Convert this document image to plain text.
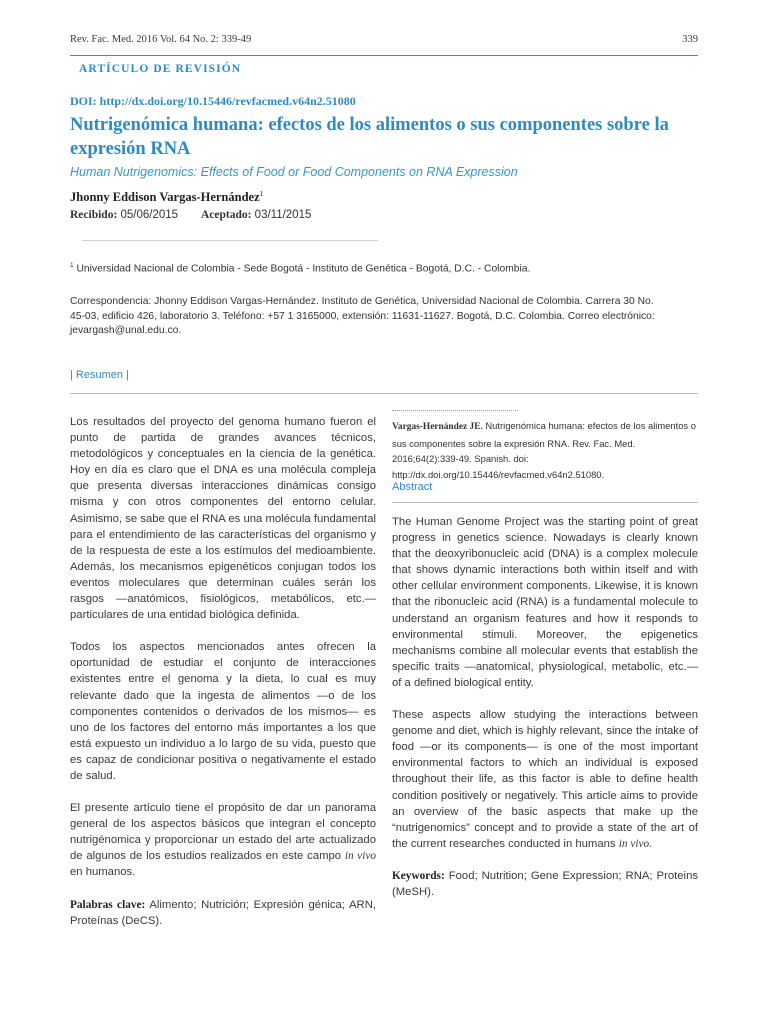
Rev. Fac. Med. 2016 Vol. 64 No. 2: 339-49	339
ARTÍCULO DE REVISIÓN
DOI: http://dx.doi.org/10.15446/revfacmed.v64n2.51080
Nutrigenómica humana: efectos de los alimentos o sus componentes sobre la expresión RNA
Human Nutrigenomics: Effects of Food or Food Components on RNA Expression
Jhonny Eddison Vargas-Hernández$^1$
Recibido: 05/06/2015 Aceptado: 03/11/2015
$^1$ Universidad Nacional de Colombia - Sede Bogotá - Instituto de Genética - Bogotá, D.C. - Colombia.
Correspondencia: Jhonny Eddison Vargas-Hernández. Instituto de Genética, Universidad Nacional de Colombia. Carrera 30 No. 45-03, edificio 426, laboratorio 3. Teléfono: +57 1 3165000, extensión: 11631-11627. Bogotá, D.C. Colombia. Correo electrónico: jevargash@unal.edu.co.
| Resumen |

Los resultados del proyecto del genoma humano fueron el punto de partida de grandes avances técnicos, metodológicos y conceptuales en la ciencia de la genética. Hoy en día es claro que el DNA es una molécula compleja que presenta diversas interacciones dinámicas consigo misma y con otros componentes del entorno celular. Asimismo, se sabe que el RNA es una molécula fundamental para el entendimiento de las características del organismo y de la respuesta de este a los estímulos del medioambiente. Además, los mecanismos epigenéticos conjugan todos los eventos moleculares que determinan cuáles serán los rasgos —anatómicos, fisiológicos, metabólicos, etc.— particulares de una entidad biológica definida.

Todos los aspectos mencionados antes ofrecen la oportunidad de estudiar el conjunto de interacciones existentes entre el genoma y la dieta, lo cual es muy relevante dado que la ingesta de alimentos —o de los componentes contenidos o derivados de los mismos— es uno de los factores del entorno más importantes a los que está expuesto un individuo a lo largo de su vida, puesto que es capaz de condicionar positiva o negativamente el estado de salud.

El presente artículo tiene el propósito de dar un panorama general de los aspectos básicos que integran el concepto nutrigénomica y proporcionar un estado del arte actualizado de algunos de los estudios realizados en este campo in vivo en humanos.

Palabras clave: Alimento; Nutrición; Expresión génica; ARN, Proteínas (DeCS).

Vargas-Hernández JE. Nutrigenómica humana: efectos de los alimentos o sus componentes sobre la expresión RNA. Rev. Fac. Med. 2016;64(2):339-49. Spanish. doi: http://dx.doi.org/10.15446/revfacmed.v64n2.51080.
Abstract

The Human Genome Project was the starting point of great progress in genetics science. Nowadays is clearly known that the deoxyribonucleic acid (DNA) is a complex molecule that shows dynamic interactions both within itself and with other cellular environment components. Likewise, it is known that the ribonucleic acid (RNA) is a fundamental molecule to understand an organism features and how it responds to environmental stimuli. Moreover, the epigenetics mechanisms combine all molecular events that establish the specific traits —anatomical, physiological, metabolic, etc.— of a defined biological entity.

These aspects allow studying the interactions between genome and diet, which is highly relevant, since the intake of food —or its components— is one of the most important environmental factors to which an individual is exposed throughout their life, as this factor is able to define health condition positively or negatively. This article aims to provide an overview of the basic aspects that make up the “nutrigenomics” concept and to provide a state of the art of the current researches conducted in humans in vivo.

Keywords: Food; Nutrition; Gene Expression; RNA; Proteins (MeSH).
